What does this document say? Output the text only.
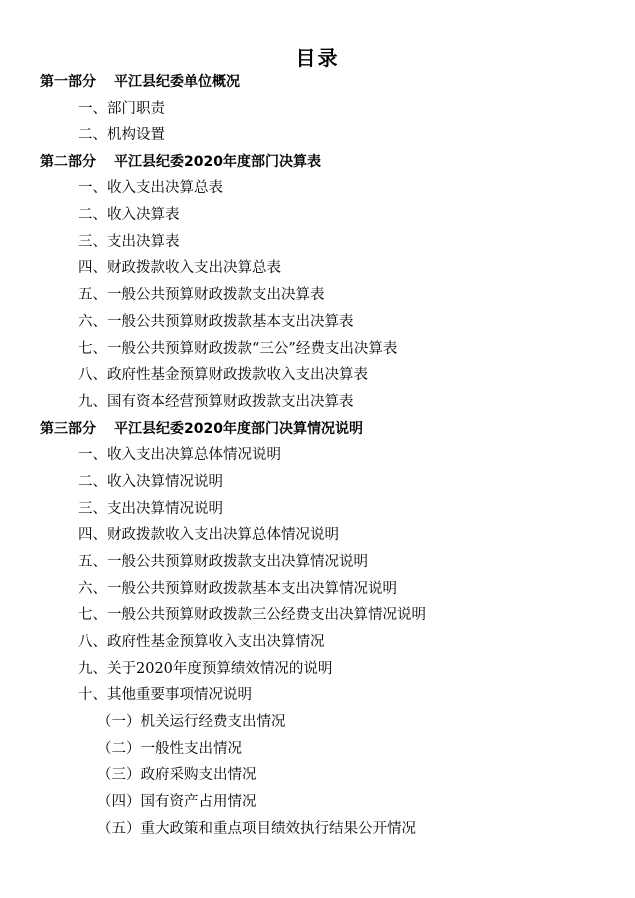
目录
第一部分 平江县纪委单位概况
一、部门职责
二、机构设置
第二部分 平江县纪委2020年度部门决算表
一、收入支出决算总表
二、收入决算表
三、支出决算表
四、财政拨款收入支出决算总表
五、一般公共预算财政拨款支出决算表
六、一般公共预算财政拨款基本支出决算表
七、一般公共预算财政拨款“三公”经费支出决算表
八、政府性基金预算财政拨款收入支出决算表
九、国有资本经营预算财政拨款支出决算表
第三部分 平江县纪委2020年度部门决算情况说明
一、收入支出决算总体情况说明
二、收入决算情况说明
三、支出决算情况说明
四、财政拨款收入支出决算总体情况说明
五、一般公共预算财政拨款支出决算情况说明
六、一般公共预算财政拨款基本支出决算情况说明
七、一般公共预算财政拨款三公经费支出决算情况说明
八、政府性基金预算收入支出决算情况
九、关于2020年度预算绩效情况的说明
十、其他重要事项情况说明
（一）机关运行经费支出情况
（二）一般性支出情况
（三）政府采购支出情况
（四）国有资产占用情况
（五）重大政策和重点项目绩效执行结果公开情况
